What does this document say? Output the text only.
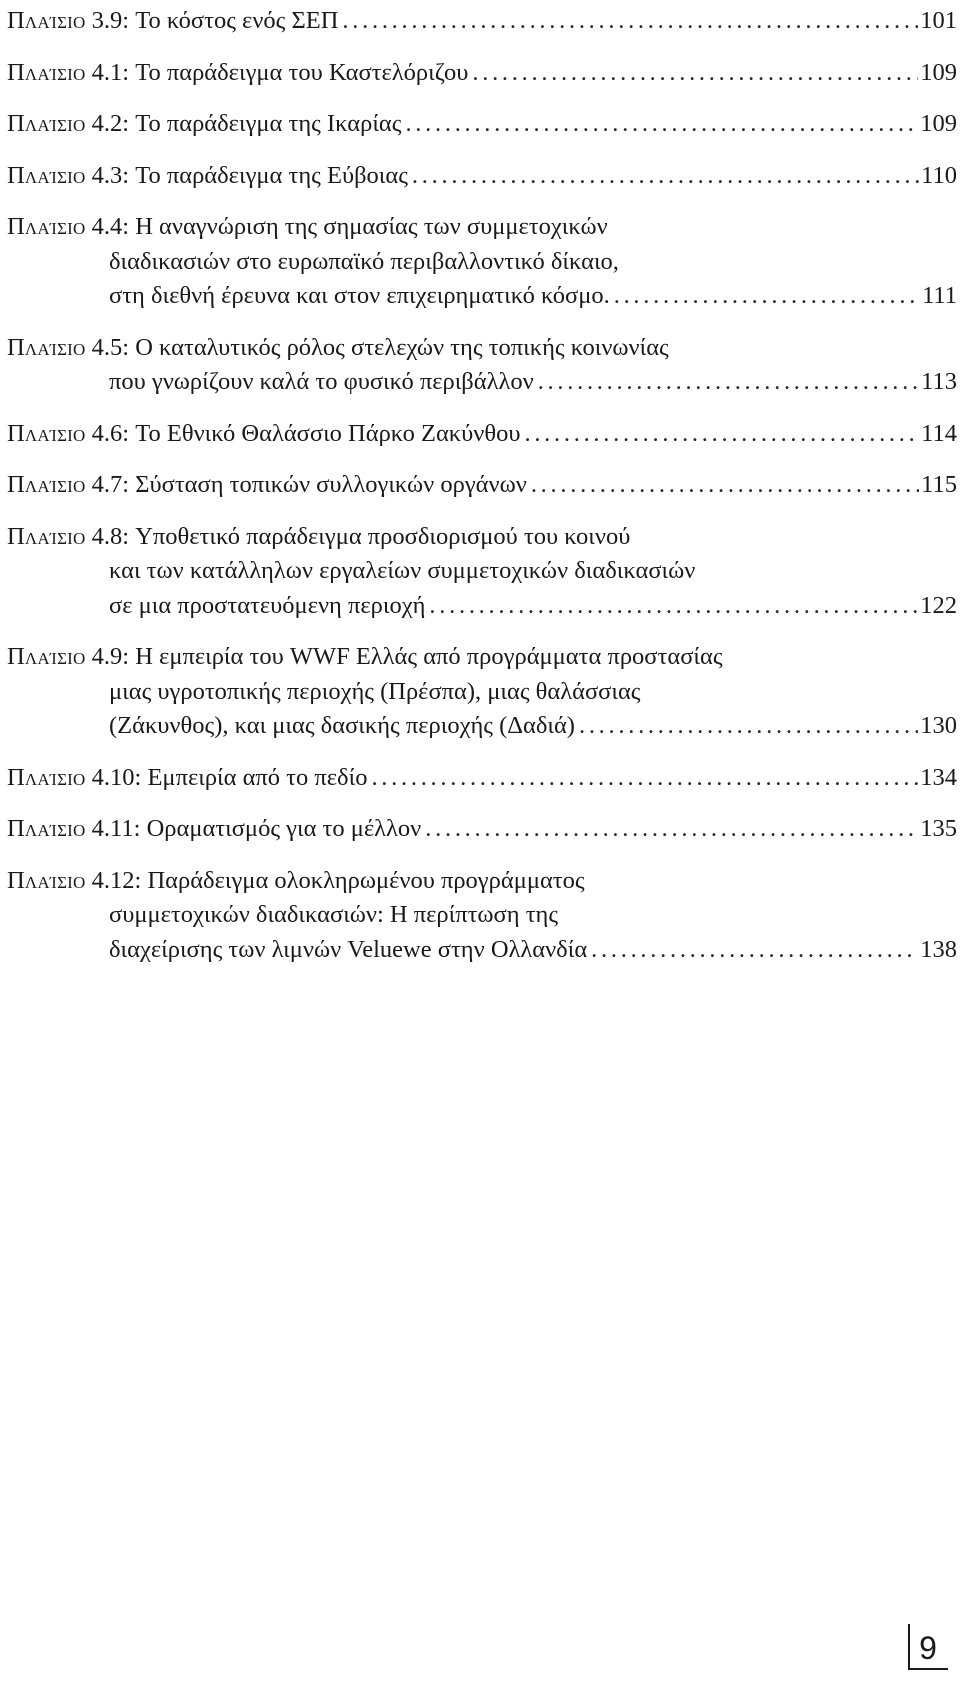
Πλαίσιο 3.9: Το κόστος ενός ΣΕΠ . . .	101
Πλαίσιο 4.1: Το παράδειγμα του Καστελόριζου . . .	109
Πλαίσιο 4.2: Το παράδειγμα της Ικαρίας . . .	109
Πλαίσιο 4.3: Το παράδειγμα της Εύβοιας . . .	110
Πλαίσιο 4.4: Η αναγνώριση της σημασίας των συμμετοχικών
διαδικασιών στο ευρωπαϊκό περιβαλλοντικό δίκαιο,
στη διεθνή έρευνα και στον επιχειρηματικό κόσμο. . . .	111
Πλαίσιο 4.5: Ο καταλυτικός ρόλος στελεχών της τοπικής κοινωνίας
που γνωρίζουν καλά το φυσικό περιβάλλον . . .	113
Πλαίσιο 4.6: Το Εθνικό Θαλάσσιο Πάρκο Ζακύνθου . . .	114
Πλαίσιο 4.7: Σύσταση τοπικών συλλογικών οργάνων . . .	115
Πλαίσιο 4.8: Υποθετικό παράδειγμα προσδιορισμού του κοινού
και των κατάλληλων εργαλείων συμμετοχικών διαδικασιών
σε μια προστατευόμενη περιοχή . . .	122
Πλαίσιο 4.9: Η εμπειρία του WWF Ελλάς από προγράμματα προστασίας
μιας υγροτοπικής περιοχής (Πρέσπα), μιας θαλάσσιας
(Ζάκυνθος), και μιας δασικής περιοχής (Δαδιά) . . .	130
Πλαίσιο 4.10: Εμπειρία από το πεδίο . . .	134
Πλαίσιο 4.11: Οραματισμός για το μέλλον . . .	135
Πλαίσιο 4.12: Παράδειγμα ολοκληρωμένου προγράμματος
συμμετοχικών διαδικασιών: Η περίπτωση της
διαχείρισης των λιμνών Veluewe στην Ολλανδία . . .	138
9
